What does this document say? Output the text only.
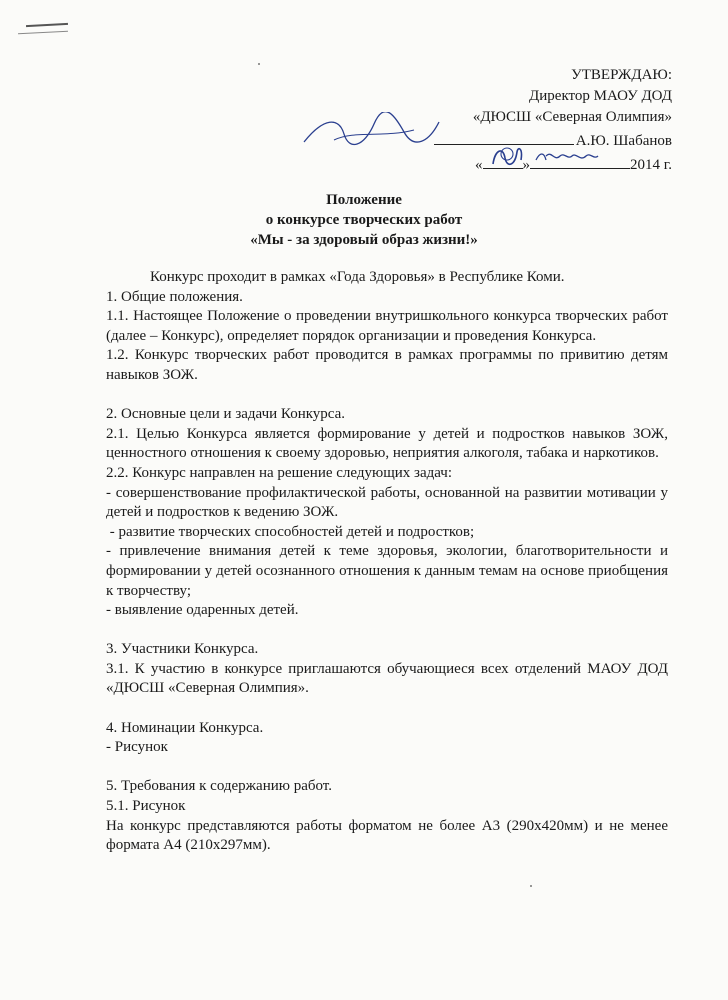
УТВЕРЖДАЮ:
Директор МАОУ ДОД
«ДЮСШ «Северная Олимпия»
А.Ю. Шабанов
«	»	2014 г.
Положение
о конкурсе творческих работ
«Мы - за здоровый образ жизни!»

Конкурс проходит в рамках «Года Здоровья» в Республике Коми.

1. Общие положения.

1.1. Настоящее Положение о проведении внутришкольного конкурса творческих работ (далее – Конкурс), определяет порядок организации и проведения Конкурса.

1.2. Конкурс творческих работ проводится в рамках программы по привитию детям навыков ЗОЖ.

2. Основные цели и задачи Конкурса.

2.1. Целью Конкурса является формирование у детей и подростков навыков ЗОЖ, ценностного отношения к своему здоровью, неприятия алкоголя, табака и наркотиков.

2.2. Конкурс направлен на решение следующих задач:

- совершенствование профилактической работы, основанной на развитии мотивации у детей и подростков к ведению ЗОЖ.

- развитие творческих способностей детей и подростков;

- привлечение внимания детей к теме здоровья, экологии, благотворительности и формировании у детей осознанного отношения к данным темам на основе приобщения к творчеству;

- выявление одаренных детей.

3. Участники Конкурса.

3.1. К участию в конкурсе приглашаются обучающиеся всех отделений МАОУ ДОД «ДЮСШ «Северная Олимпия».

4. Номинации Конкурса.

- Рисунок

5. Требования к содержанию работ.

5.1. Рисунок

На конкурс представляются работы форматом не более А3 (290х420мм) и не менее формата А4 (210х297мм).
